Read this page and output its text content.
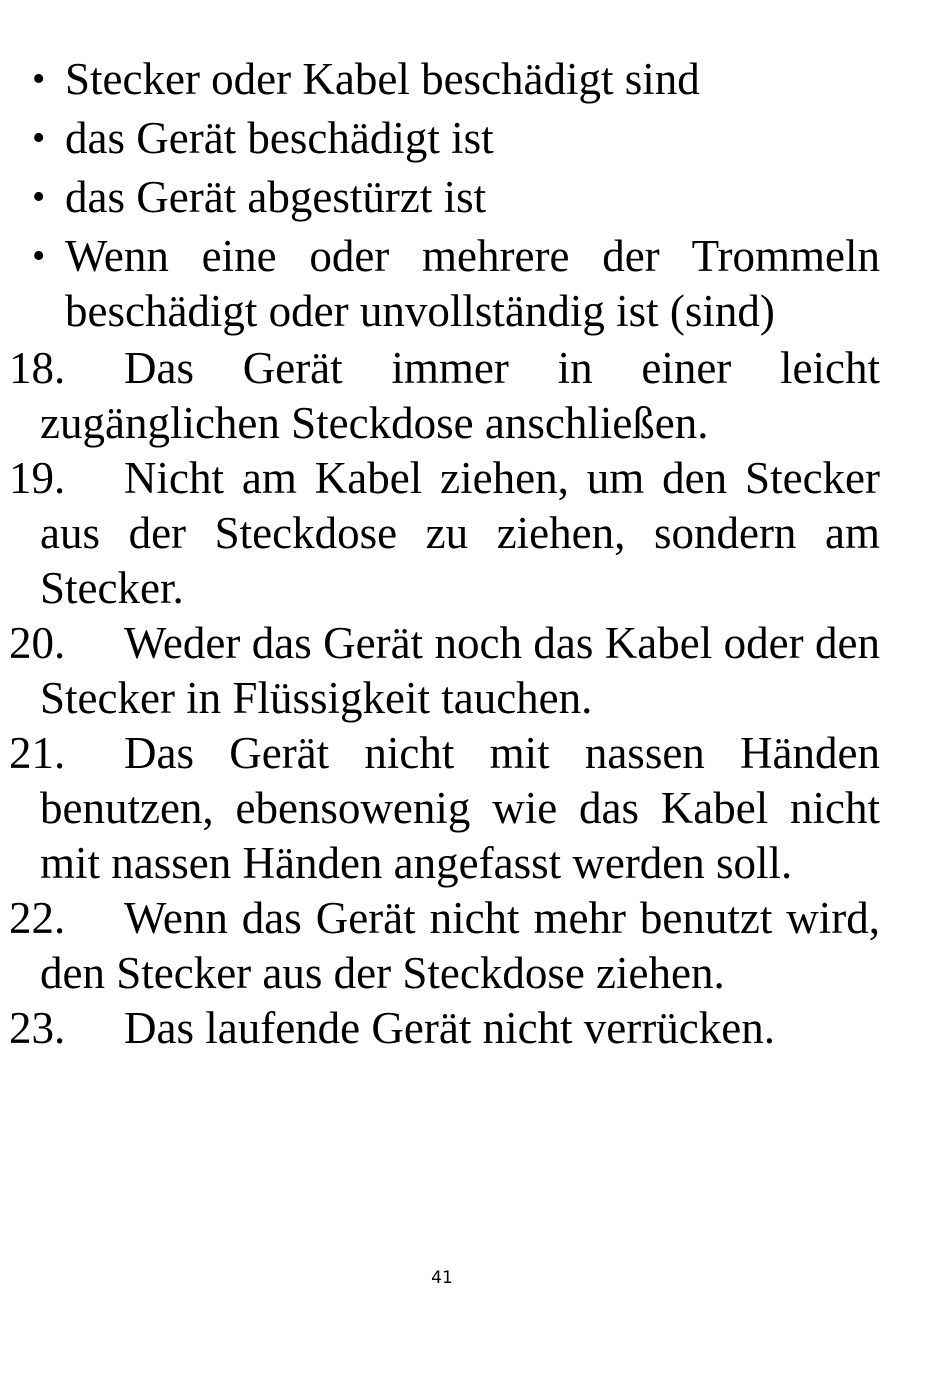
• Stecker oder Kabel beschädigt sind
• das Gerät beschädigt ist
• das Gerät abgestürzt ist
• Wenn eine oder mehrere der Trommeln beschädigt oder unvollständig ist (sind)
18. Das Gerät immer in einer leicht zugänglichen Steckdose anschließen.
19. Nicht am Kabel ziehen, um den Stecker aus der Steckdose zu ziehen, sondern am Stecker.
20. Weder das Gerät noch das Kabel oder den Stecker in Flüssigkeit tauchen.
21. Das Gerät nicht mit nassen Händen benutzen, ebensowenig wie das Kabel nicht mit nassen Händen angefasst werden soll.
22. Wenn das Gerät nicht mehr benutzt wird, den Stecker aus der Steckdose ziehen.
23. Das laufende Gerät nicht verrücken.
41
